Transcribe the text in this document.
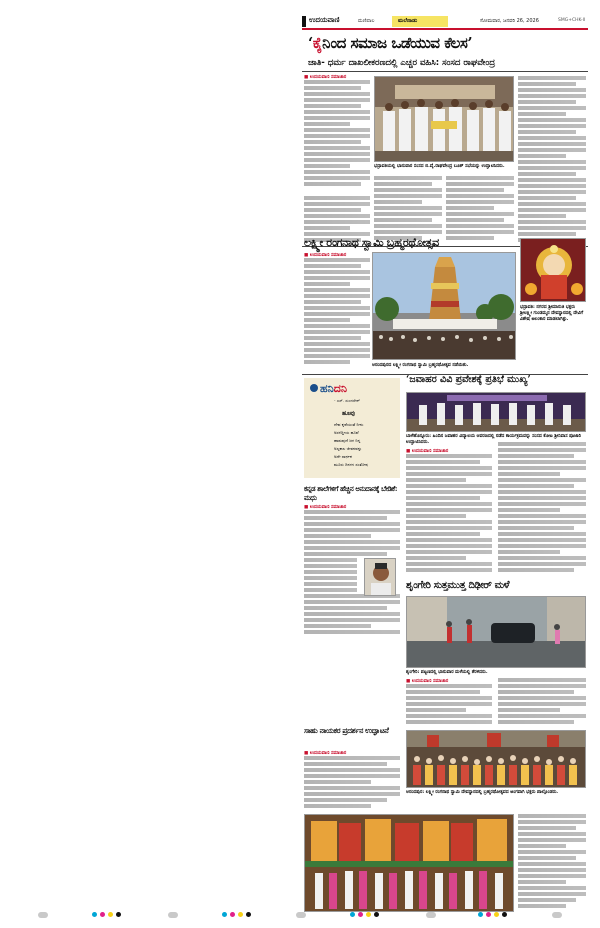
ಉದಯವಾಣಿ	ಮಣಿಪಾಲ	ಮಲೆನಾಡು	ಸೋಮವಾರ, ಜನವರಿ 26, 2026	SMG+CHK-II
‘ಕೈನಿಂದ ಸಮಾಜ ಒಡೆಯುವ ಕೆಲಸ’
ಜಾತಿ- ಧರ್ಮ ದಾಖಲೀಕರಣದಲ್ಲಿ ಎಚ್ಚರ ವಹಿಸಿ: ಸಂಸದ ರಾಘವೇಂದ್ರ
■ ಉದಯವಾಣಿ ಸಮಾಚಾರ
ಭದ್ರಾವತಿಯಲ್ಲಿ ಭಾನುವಾರ ಸಂಸದ ಬಿ.ವೈ.ರಾಘವೇಂದ್ರ ಬೂತ್ ಸಭೆಯನ್ನು ಉದ್ಘಾಟಿಸಿದರು.
ಲಕ್ಷ್ಮೀ ರಂಗನಾಥ ಸ್ವಾಮಿ ಬ್ರಹ್ಮರಥೋತ್ಸವ
■ ಉದಯವಾಣಿ ಸಮಾಚಾರ
ಆನಂದಪುರದ ಲಕ್ಷ್ಮೀ ರಂಗನಾಥ ಸ್ವಾಮಿ ಬ್ರಹ್ಮರಥೋತ್ಸವ ನಡೆಯಿತು.
ಭದ್ರಾವತಿ: ನಗರದ ಶ್ರೀಮಾರುತಿ ಭಕ್ತರು ಶ್ರೀಲಕ್ಷ್ಮೀ ಗುಂಡಮ್ಮನ ದೇವಸ್ಥಾನದಲ್ಲಿ ದೇವಿಗೆ ವಿಶೇಷ ಅಲಂಕಾರ ಮಾಡಲಾಗಿತ್ತು.
ಹನಿದನಿ
- ಎಸ್. ಸುಂದರೇಶ್
ಹೂವು
ದೇವ ಕೃಪೆಯಂತೆ ನೀನು
ಅರಳಿದ್ದೀಯ ಹೂವೆ
ಹಾಡುವುದೆ ಜಗ ನಿನ್ನ
ಅಲ್ಪಕಾಲ ಜೀವನವನ್ನು
ಅದೇ ಸಾರ್ಥಕ
ಮೂರು ದಿನಗಳ ಸಂತೋಷ
‘ಜವಾಹರ ವಿವಿ ಪ್ರವೇಶಕ್ಕೆ ಪ್ರತಿಭೆ ಮುಖ್ಯ’
ಬಾಳೆಹೊನ್ನೂರು: ಹಿಂದಿನ ಜವಾಹರ ವಿದ್ಯಾಲಯ ಆವರಣದಲ್ಲಿ ನಡೆದ ಕಾರ್ಯಕ್ರಮವನ್ನು ಸಂಸದ ಕೋಟ ಶ್ರೀನಿವಾಸ ಪೂಜಾರಿ ಉದ್ಘಾಟಿಸಿದರು.
■ ಉದಯವಾಣಿ ಸಮಾಚಾರ
ಕನ್ನಡ ಶಾಲೆಗಳಿಗೆ ಹೆಚ್ಚಿನ ಅನುದಾನಕ್ಕೆ ಬೇಡಿಕೆ: ಮಧು
■ ಉದಯವಾಣಿ ಸಮಾಚಾರ
ಶೃಂಗೇರಿ ಸುತ್ತಮುತ್ತ ದಿಢೀರ್ ಮಳೆ
ಶೃಂಗೇರಿ: ಪಟ್ಟಣದಲ್ಲಿ ಭಾನುವಾರ ಮಳೆಯಲ್ಲಿ ತೆರಳಿದರು.
■ ಉದಯವಾಣಿ ಸಮಾಚಾರ
ಸಾಹು ನಾಯಕರ ಪ್ರದರ್ಶನ ಉದ್ಘಾಟನೆ
■ ಉದಯವಾಣಿ ಸಮಾಚಾರ
ಆನಂದಪುರ: ಲಕ್ಷ್ಮೀ ರಂಗನಾಥ ಸ್ವಾಮಿ ದೇವಸ್ಥಾನದಲ್ಲಿ ಬ್ರಹ್ಮರಥೋತ್ಸವದ ಅಂಗವಾಗಿ ಭಕ್ತರು ಪಾಲ್ಗೊಂಡರು.
